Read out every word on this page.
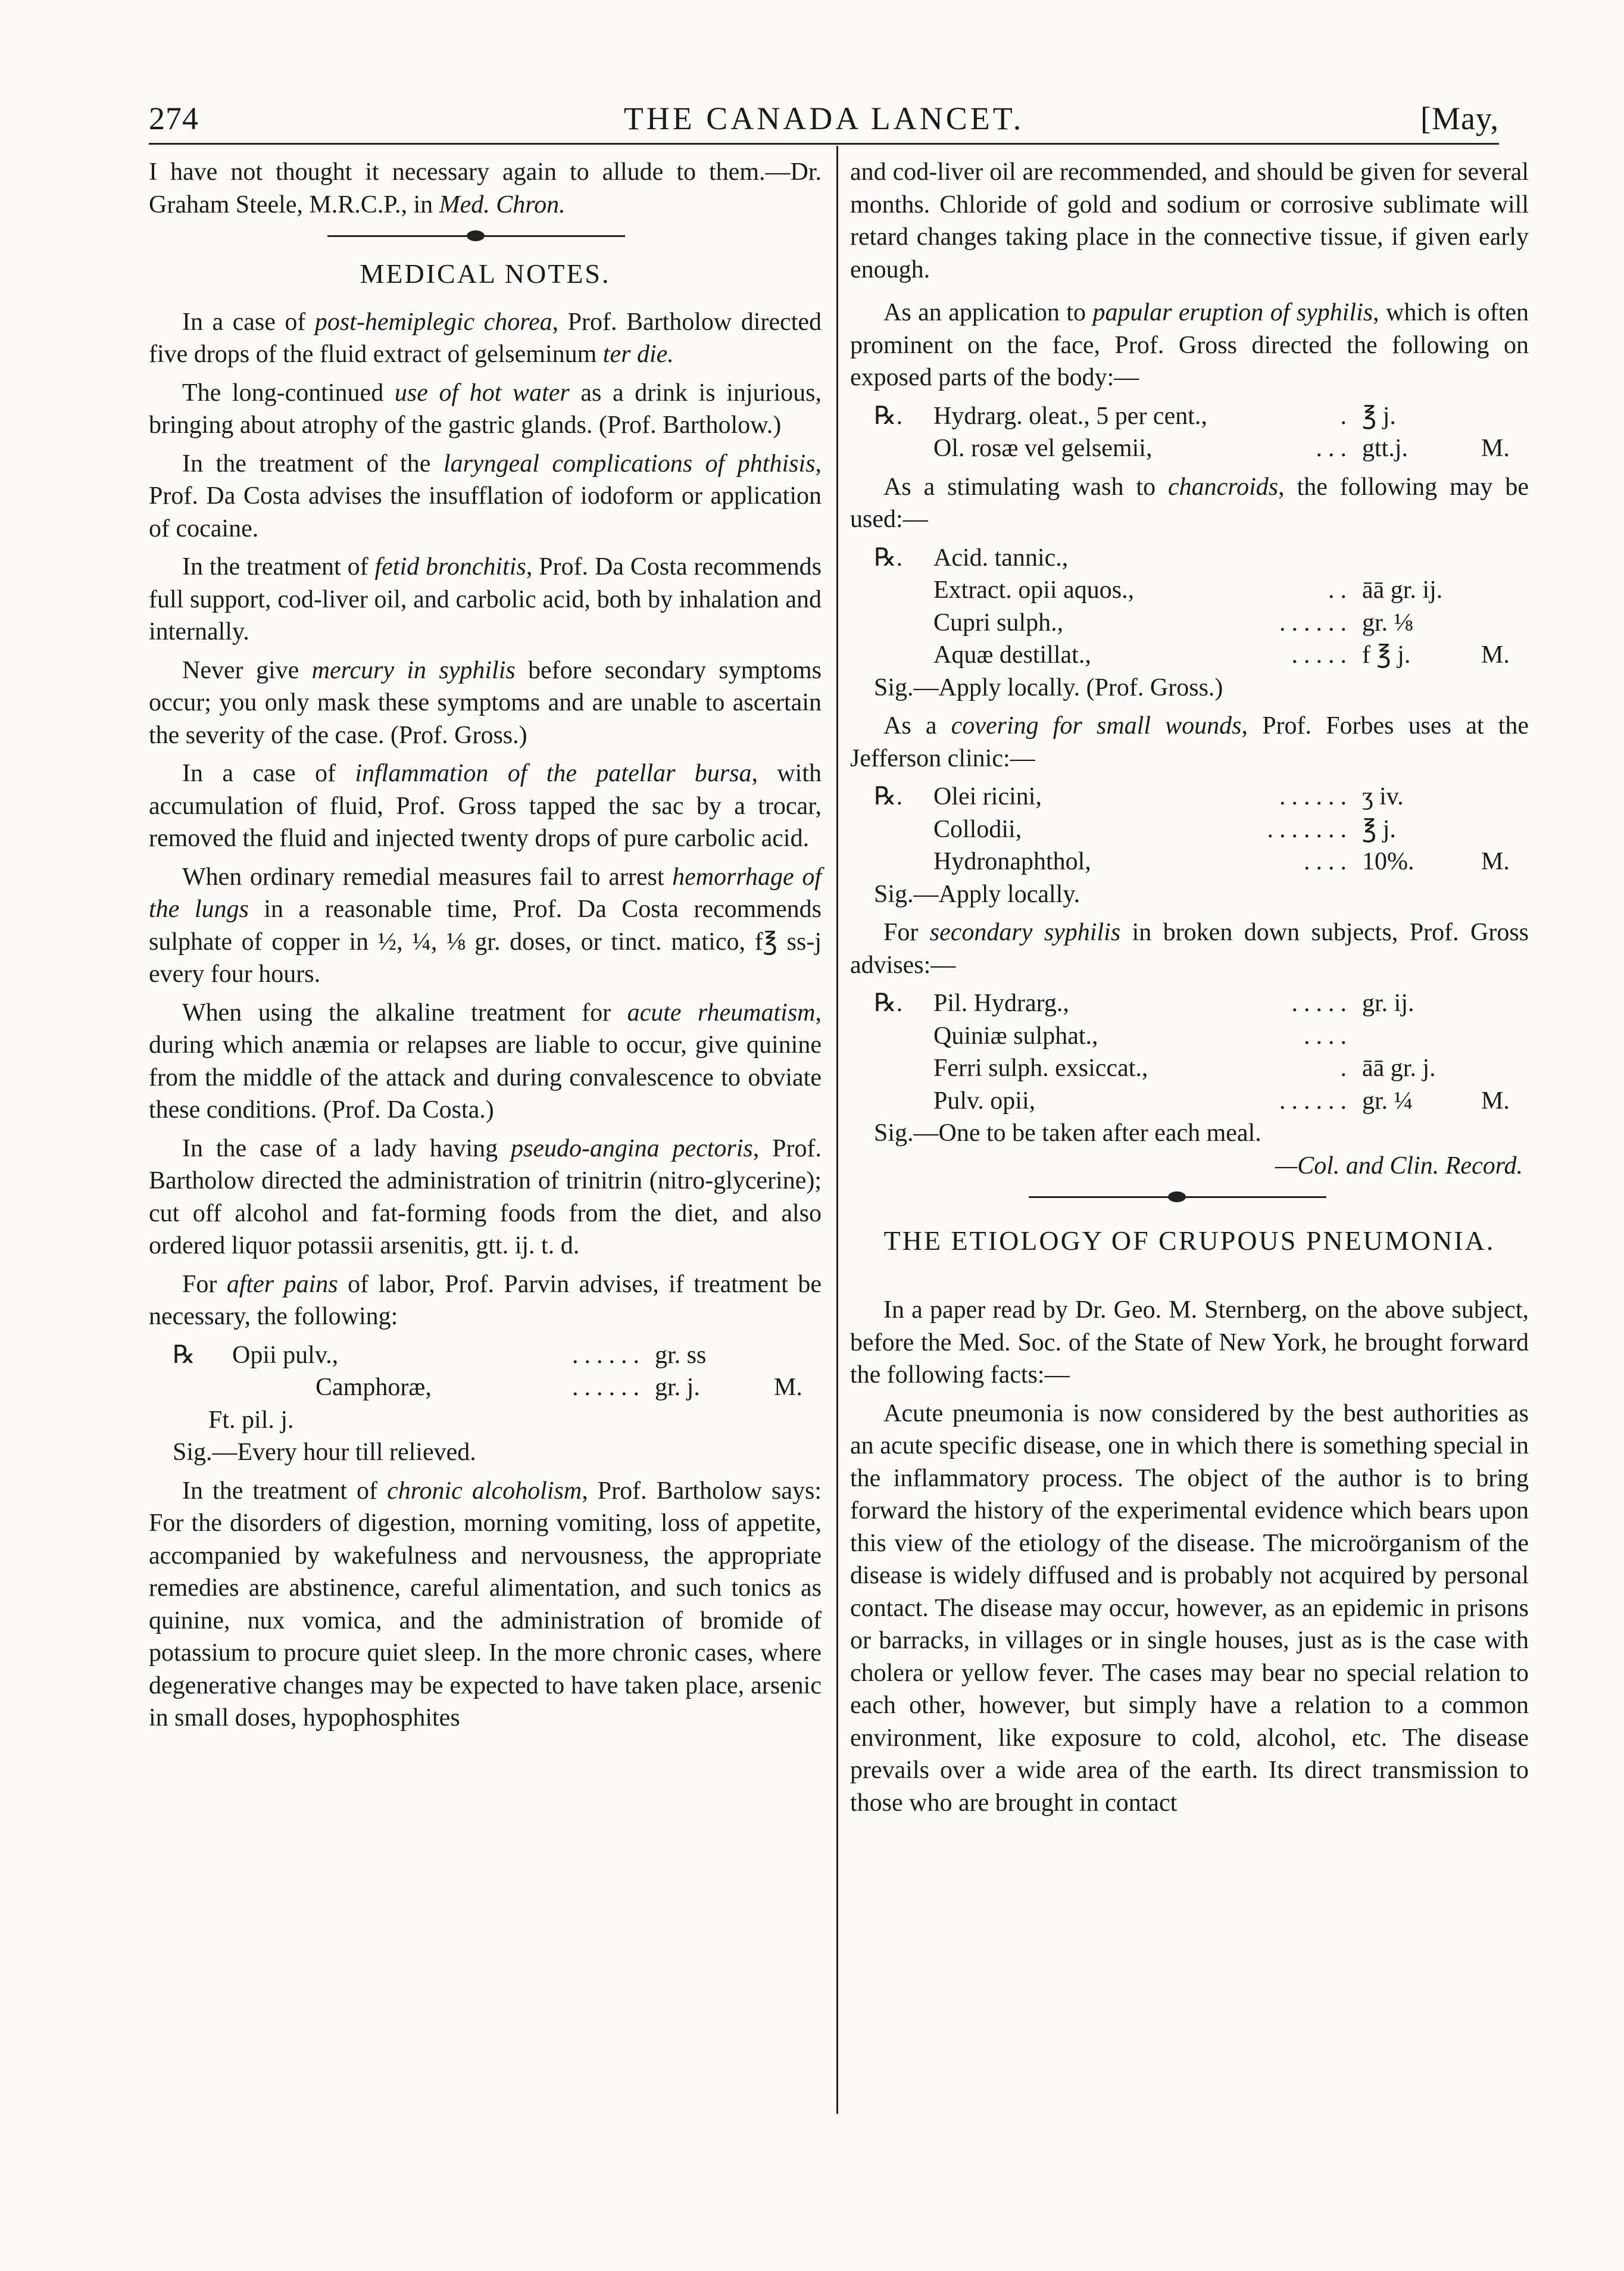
274	THE CANADA LANCET.	[May,

I have not thought it necessary again to allude to them.—Dr. Graham Steele, M.R.C.P., in Med. Chron.

MEDICAL NOTES.

In a case of post-hemiplegic chorea, Prof. Bartholow directed five drops of the fluid extract of gelseminum ter die.

The long-continued use of hot water as a drink is injurious, bringing about atrophy of the gastric glands. (Prof. Bartholow.)

In the treatment of the laryngeal complications of phthisis, Prof. Da Costa advises the insufflation of iodoform or application of cocaine.

In the treatment of fetid bronchitis, Prof. Da Costa recommends full support, cod-liver oil, and carbolic acid, both by inhalation and internally.

Never give mercury in syphilis before secondary symptoms occur; you only mask these symptoms and are unable to ascertain the severity of the case. (Prof. Gross.)

In a case of inflammation of the patellar bursa, with accumulation of fluid, Prof. Gross tapped the sac by a trocar, removed the fluid and injected twenty drops of pure carbolic acid.

When ordinary remedial measures fail to arrest hemorrhage of the lungs in a reasonable time, Prof. Da Costa recommends sulphate of copper in ½, ¼, ⅛ gr. doses, or tinct. matico, f℥ ss-j every four hours.

When using the alkaline treatment for acute rheumatism, during which anæmia or relapses are liable to occur, give quinine from the middle of the attack and during convalescence to obviate these conditions. (Prof. Da Costa.)

In the case of a lady having pseudo-angina pectoris, Prof. Bartholow directed the administration of trinitrin (nitro-glycerine); cut off alcohol and fat-forming foods from the diet, and also ordered liquor potassii arsenitis, gtt. ij. t. d.

For after pains of labor, Prof. Parvin advises, if treatment be necessary, the following:

℞	Opii pulv.,	...... gr. ss
Camphoræ,	...... gr. j.	M.
Ft. pil. j.
Sig.—Every hour till relieved.

In the treatment of chronic alcoholism, Prof. Bartholow says: For the disorders of digestion, morning vomiting, loss of appetite, accompanied by wakefulness and nervousness, the appropriate remedies are abstinence, careful alimentation, and such tonics as quinine, nux vomica, and the administration of bromide of potassium to procure quiet sleep. In the more chronic cases, where degenerative changes may be expected to have taken place, arsenic in small doses, hypophosphites

and cod-liver oil are recommended, and should be given for several months. Chloride of gold and sodium or corrosive sublimate will retard changes taking place in the connective tissue, if given early enough.

As an application to papular eruption of syphilis, which is often prominent on the face, Prof. Gross directed the following on exposed parts of the body:—

℞.	Hydrarg. oleat., 5 per cent.,	. ℥ j.
Ol. rosæ vel gelsemii,	... gtt.j.	M.

As a stimulating wash to chancroids, the following may be used:—

℞.	Acid. tannic.,
Extract. opii aquos.,	.. āā gr. ij.
Cupri sulph.,	...... gr. ⅛
Aquæ destillat.,	..... f ℥ j.	M.
Sig.—Apply locally. (Prof. Gross.)

As a covering for small wounds, Prof. Forbes uses at the Jefferson clinic:—

℞.	Olei ricini,	...... ʒ iv.
Collodii,	....... ℥ j.
Hydronaphthol,	.... 10%.	M.
Sig.—Apply locally.

For secondary syphilis in broken down subjects, Prof. Gross advises:—

℞.	Pil. Hydrarg.,	..... gr. ij.
Quiniæ sulphat.,	....
Ferri sulph. exsiccat.,	. āā gr. j.
Pulv. opii,	...... gr. ¼	M.
Sig.—One to be taken after each meal.
—Col. and Clin. Record.
THE ETIOLOGY OF CRUPOUS PNEUMONIA.

In a paper read by Dr. Geo. M. Sternberg, on the above subject, before the Med. Soc. of the State of New York, he brought forward the following facts:—

Acute pneumonia is now considered by the best authorities as an acute specific disease, one in which there is something special in the inflammatory process. The object of the author is to bring forward the history of the experimental evidence which bears upon this view of the etiology of the disease. The microörganism of the disease is widely diffused and is probably not acquired by personal contact. The disease may occur, however, as an epidemic in prisons or barracks, in villages or in single houses, just as is the case with cholera or yellow fever. The cases may bear no special relation to each other, however, but simply have a relation to a common environment, like exposure to cold, alcohol, etc. The disease prevails over a wide area of the earth. Its direct transmission to those who are brought in contact
